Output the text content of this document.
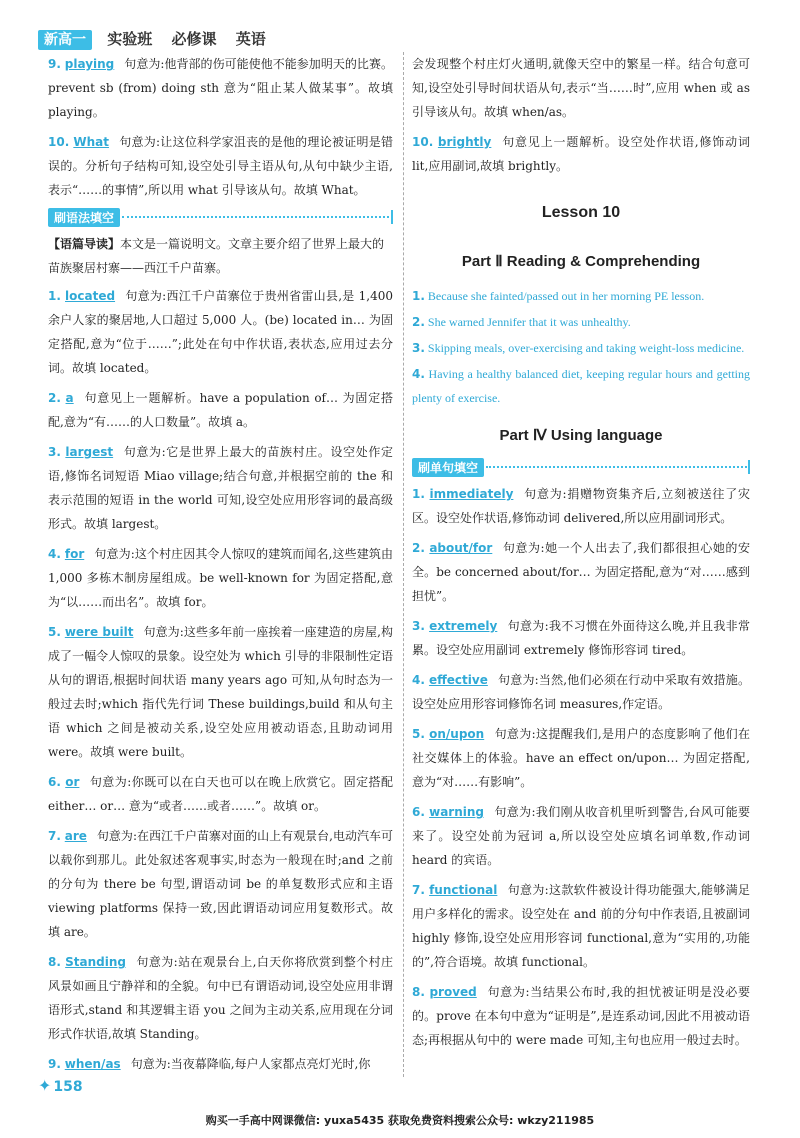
新高一 实验班 必修课 英语

9. playing 句意为:他背部的伤可能使他不能参加明天的比赛。prevent sb (from) doing sth 意为“阻止某人做某事”。故填 playing。

10. What 句意为:让这位科学家沮丧的是他的理论被证明是错误的。分析句子结构可知,设空处引导主语从句,从句中缺少主语,表示“……的事情”,所以用 what 引导该从句。故填 What。

刷语法填空

【语篇导读】本文是一篇说明文。文章主要介绍了世界上最大的苗族聚居村寨——西江千户苗寨。

1. located 句意为:西江千户苗寨位于贵州省雷山县,是 1,400 余户人家的聚居地,人口超过 5,000 人。(be) located in… 为固定搭配,意为“位于……”;此处在句中作状语,表状态,应用过去分词。故填 located。

2. a 句意见上一题解析。have a population of… 为固定搭配,意为“有……的人口数量”。故填 a。

3. largest 句意为:它是世界上最大的苗族村庄。设空处作定语,修饰名词短语 Miao village;结合句意,并根据空前的 the 和表示范围的短语 in the world 可知,设空处应用形容词的最高级形式。故填 largest。

4. for 句意为:这个村庄因其令人惊叹的建筑而闻名,这些建筑由 1,000 多栋木制房屋组成。be well-known for 为固定搭配,意为“以……而出名”。故填 for。

5. were built 句意为:这些多年前一座挨着一座建造的房屋,构成了一幅令人惊叹的景象。设空处为 which 引导的非限制性定语从句的谓语,根据时间状语 many years ago 可知,从句时态为一般过去时;which 指代先行词 These buildings,build 和从句主语 which 之间是被动关系,设空处应用被动语态,且助动词用 were。故填 were built。

6. or 句意为:你既可以在白天也可以在晚上欣赏它。固定搭配 either… or… 意为“或者……或者……”。故填 or。

7. are 句意为:在西江千户苗寨对面的山上有观景台,电动汽车可以载你到那儿。此处叙述客观事实,时态为一般现在时;and 之前的分句为 there be 句型,谓语动词 be 的单复数形式应和主语 viewing platforms 保持一致,因此谓语动词应用复数形式。故填 are。

8. Standing 句意为:站在观景台上,白天你将欣赏到整个村庄风景如画且宁静祥和的全貌。句中已有谓语动词,设空处应用非谓语形式,stand 和其逻辑主语 you 之间为主动关系,应用现在分词形式作状语,故填 Standing。

9. when/as 句意为:当夜幕降临,每户人家都点亮灯光时,你

会发现整个村庄灯火通明,就像天空中的繁星一样。结合句意可知,设空处引导时间状语从句,表示“当……时”,应用 when 或 as 引导该从句。故填 when/as。

10. brightly 句意见上一题解析。设空处作状语,修饰动词 lit,应用副词,故填 brightly。

Lesson 10
Part Ⅱ Reading & Comprehending

1. Because she fainted/passed out in her morning PE lesson.

2. She warned Jennifer that it was unhealthy.

3. Skipping meals, over-exercising and taking weight-loss medicine.

4. Having a healthy balanced diet, keeping regular hours and getting plenty of exercise.

Part Ⅳ Using language
刷单句填空

1. immediately 句意为:捐赠物资集齐后,立刻被送往了灾区。设空处作状语,修饰动词 delivered,所以应用副词形式。

2. about/for 句意为:她一个人出去了,我们都很担心她的安全。be concerned about/for… 为固定搭配,意为“对……感到担忧”。

3. extremely 句意为:我不习惯在外面待这么晚,并且我非常累。设空处应用副词 extremely 修饰形容词 tired。

4. effective 句意为:当然,他们必须在行动中采取有效措施。设空处应用形容词修饰名词 measures,作定语。

5. on/upon 句意为:这提醒我们,是用户的态度影响了他们在社交媒体上的体验。have an effect on/upon… 为固定搭配,意为“对……有影响”。

6. warning 句意为:我们刚从收音机里听到警告,台风可能要来了。设空处前为冠词 a,所以设空处应填名词单数,作动词 heard 的宾语。

7. functional 句意为:这款软件被设计得功能强大,能够满足用户多样化的需求。设空处在 and 前的分句中作表语,且被副词 highly 修饰,设空处应用形容词 functional,意为“实用的,功能的”,符合语境。故填 functional。

8. proved 句意为:当结果公布时,我的担忧被证明是没必要的。prove 在本句中意为“证明是”,是连系动词,因此不用被动语态;再根据从句中的 were made 可知,主句也应用一般过去时。

✦ 158
购买一手高中网课微信: yuxa5435 获取免费资料搜索公众号: wkzy211985
